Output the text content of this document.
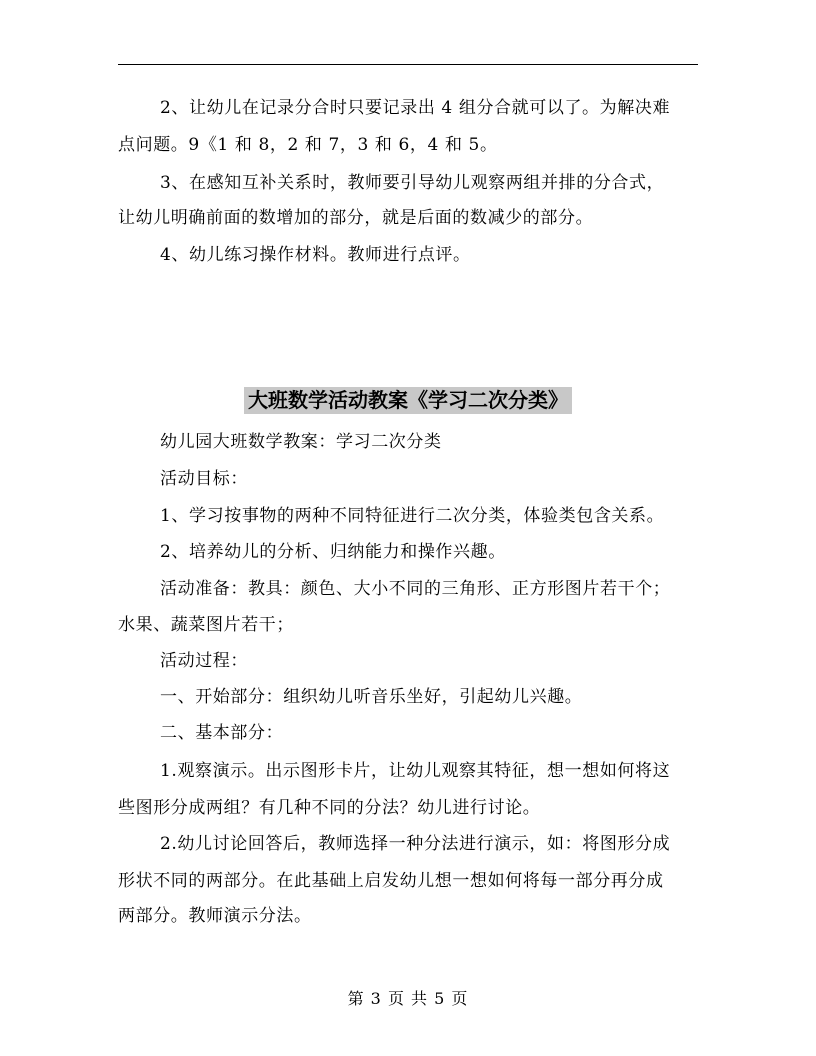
2、让幼儿在记录分合时只要记录出 4 组分合就可以了。为解决难
点问题。9《1 和 8，2 和 7，3 和 6，4 和 5。
3、在感知互补关系时，教师要引导幼儿观察两组并排的分合式，
让幼儿明确前面的数增加的部分，就是后面的数减少的部分。
4、幼儿练习操作材料。教师进行点评。
大班数学活动教案《学习二次分类》
幼儿园大班数学教案：学习二次分类
活动目标：
1、学习按事物的两种不同特征进行二次分类，体验类包含关系。
2、培养幼儿的分析、归纳能力和操作兴趣。
活动准备：教具：颜色、大小不同的三角形、正方形图片若干个；
水果、蔬菜图片若干；
活动过程：
一、开始部分：组织幼儿听音乐坐好，引起幼儿兴趣。
二、基本部分：
1.观察演示。出示图形卡片，让幼儿观察其特征，想一想如何将这
些图形分成两组？有几种不同的分法？幼儿进行讨论。
2.幼儿讨论回答后，教师选择一种分法进行演示，如：将图形分成
形状不同的两部分。在此基础上启发幼儿想一想如何将每一部分再分成
两部分。教师演示分法。
第 3 页 共 5 页
